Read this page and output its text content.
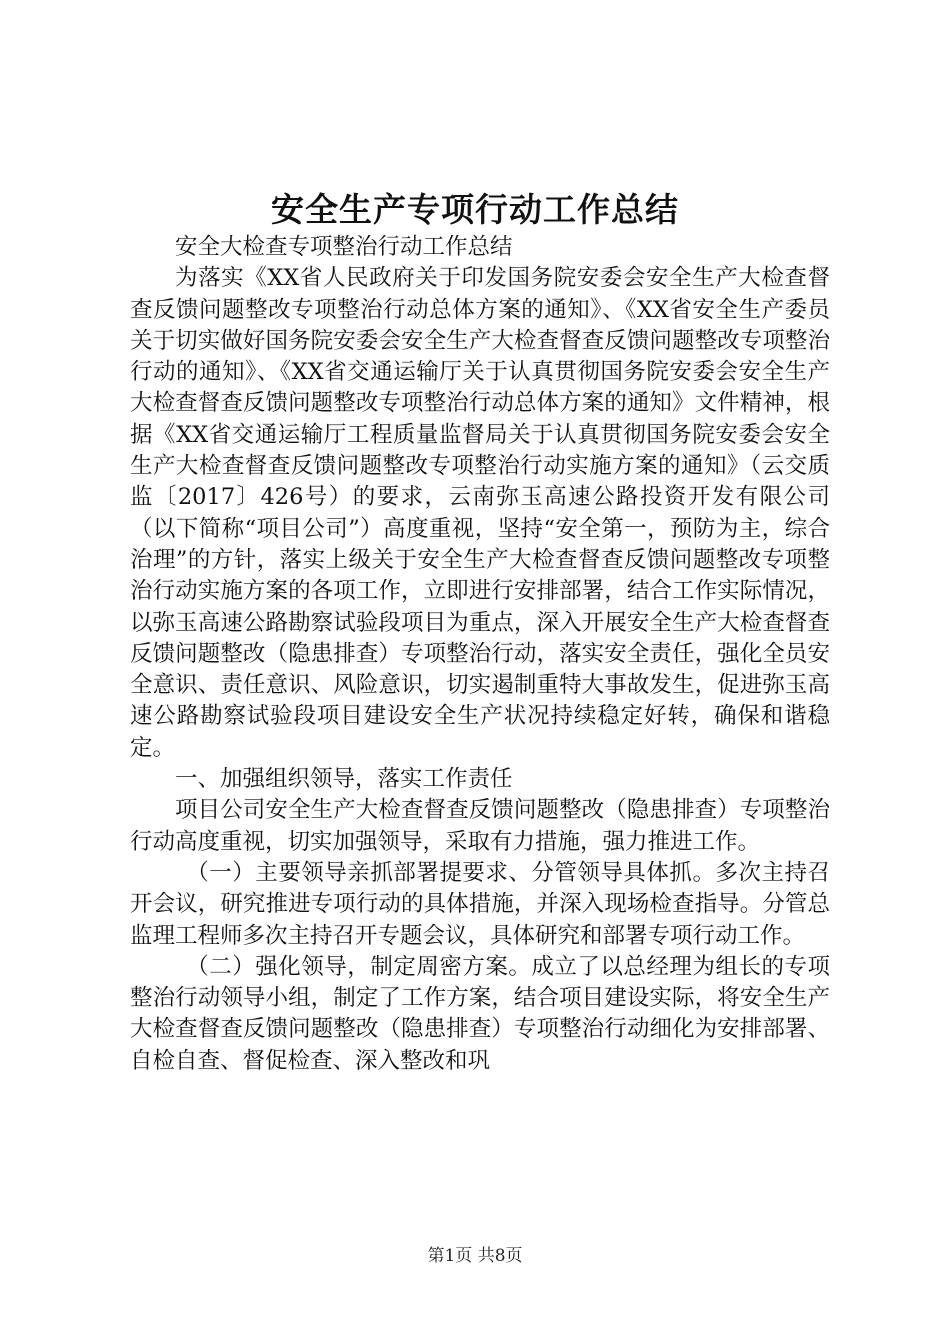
安全生产专项行动工作总结

安全大检查专项整治行动工作总结

为落实《XX省人民政府关于印发国务院安委会安全生产大检查督查反馈问题整改专项整治行动总体方案的通知》、《XX省安全生产委员关于切实做好国务院安委会安全生产大检查督查反馈问题整改专项整治行动的通知》、《XX省交通运输厅关于认真贯彻国务院安委会安全生产大检查督查反馈问题整改专项整治行动总体方案的通知》文件精神，根据《XX省交通运输厅工程质量监督局关于认真贯彻国务院安委会安全生产大检查督查反馈问题整改专项整治行动实施方案的通知》（云交质监〔2017〕426号）的要求，云南弥玉高速公路投资开发有限公司（以下简称“项目公司”）高度重视，坚持“安全第一，预防为主，综合治理”的方针，落实上级关于安全生产大检查督查反馈问题整改专项整治行动实施方案的各项工作，立即进行安排部署，结合工作实际情况，以弥玉高速公路勘察试验段项目为重点，深入开展安全生产大检查督查反馈问题整改（隐患排查）专项整治行动，落实安全责任，强化全员安全意识、责任意识、风险意识，切实遏制重特大事故发生，促进弥玉高速公路勘察试验段项目建设安全生产状况持续稳定好转，确保和谐稳定。

一、加强组织领导，落实工作责任

项目公司安全生产大检查督查反馈问题整改（隐患排查）专项整治行动高度重视，切实加强领导，采取有力措施，强力推进工作。

（一）主要领导亲抓部署提要求、分管领导具体抓。多次主持召开会议，研究推进专项行动的具体措施，并深入现场检查指导。分管总监理工程师多次主持召开专题会议，具体研究和部署专项行动工作。

（二）强化领导，制定周密方案。成立了以总经理为组长的专项整治行动领导小组，制定了工作方案，结合项目建设实际，将安全生产大检查督查反馈问题整改（隐患排查）专项整治行动细化为安排部署、自检自查、督促检查、深入整改和巩

第1页 共8页
